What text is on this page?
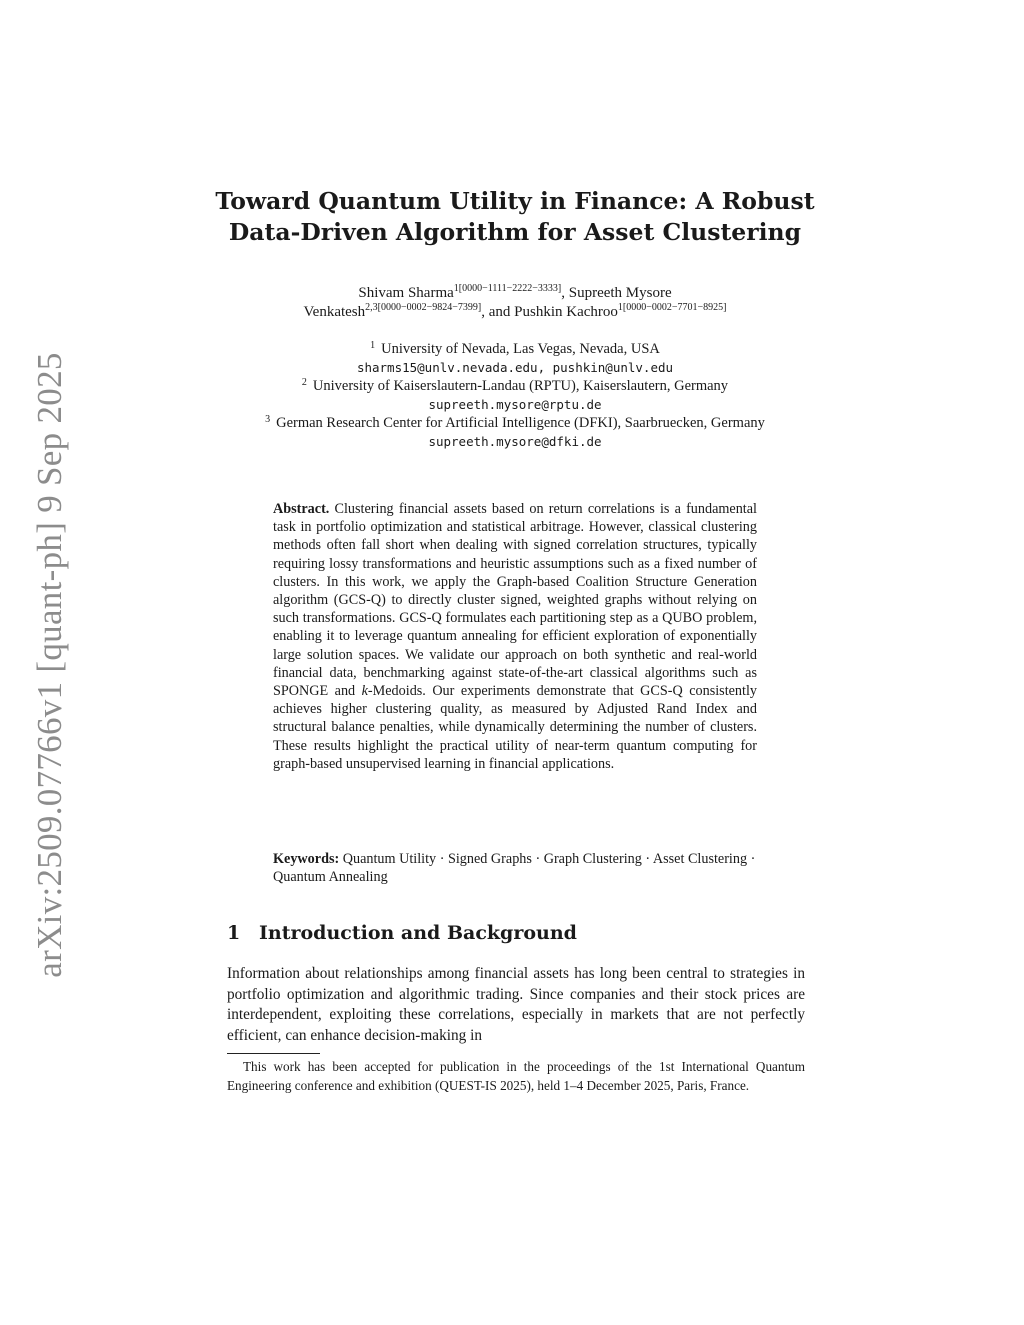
arXiv:2509.07766v1 [quant-ph] 9 Sep 2025
Toward Quantum Utility in Finance: A Robust
Data-Driven Algorithm for Asset Clustering
Shivam Sharma$^{1[0000-1111-2222-3333]}$, Supreeth Mysore
Venkatesh$^{2,3[0000-0002-9824-7399]}$, and Pushkin Kachroo$^{1[0000-0002-7701-8925]}$
$^1$ University of Nevada, Las Vegas, Nevada, USA
sharms15@unlv.nevada.edu, pushkin@unlv.edu
$^2$ University of Kaiserslautern-Landau (RPTU), Kaiserslautern, Germany
supreeth.mysore@rptu.de
$^3$ German Research Center for Artificial Intelligence (DFKI), Saarbruecken, Germany
supreeth.mysore@dfki.de
Abstract. Clustering financial assets based on return correlations is a fundamental task in portfolio optimization and statistical arbitrage. However, classical clustering methods often fall short when dealing with signed correlation structures, typically requiring lossy transformations and heuristic assumptions such as a fixed number of clusters. In this work, we apply the Graph-based Coalition Structure Generation algorithm (GCS-Q) to directly cluster signed, weighted graphs without relying on such transformations. GCS-Q formulates each partitioning step as a QUBO problem, enabling it to leverage quantum annealing for efficient exploration of exponentially large solution spaces. We validate our approach on both synthetic and real-world financial data, benchmarking against state-of-the-art classical algorithms such as SPONGE and k-Medoids. Our experiments demonstrate that GCS-Q consistently achieves higher clustering quality, as measured by Adjusted Rand Index and structural balance penalties, while dynamically determining the number of clusters. These results highlight the practical utility of near-term quantum computing for graph-based unsupervised learning in financial applications.
Keywords: Quantum Utility · Signed Graphs · Graph Clustering · Asset Clustering · Quantum Annealing
1 Introduction and Background
Information about relationships among financial assets has long been central to strategies in portfolio optimization and algorithmic trading. Since companies and their stock prices are interdependent, exploiting these correlations, especially in markets that are not perfectly efficient, can enhance decision-making in
This work has been accepted for publication in the proceedings of the 1st International Quantum Engineering conference and exhibition (QUEST-IS 2025), held 1–4 December 2025, Paris, France.
